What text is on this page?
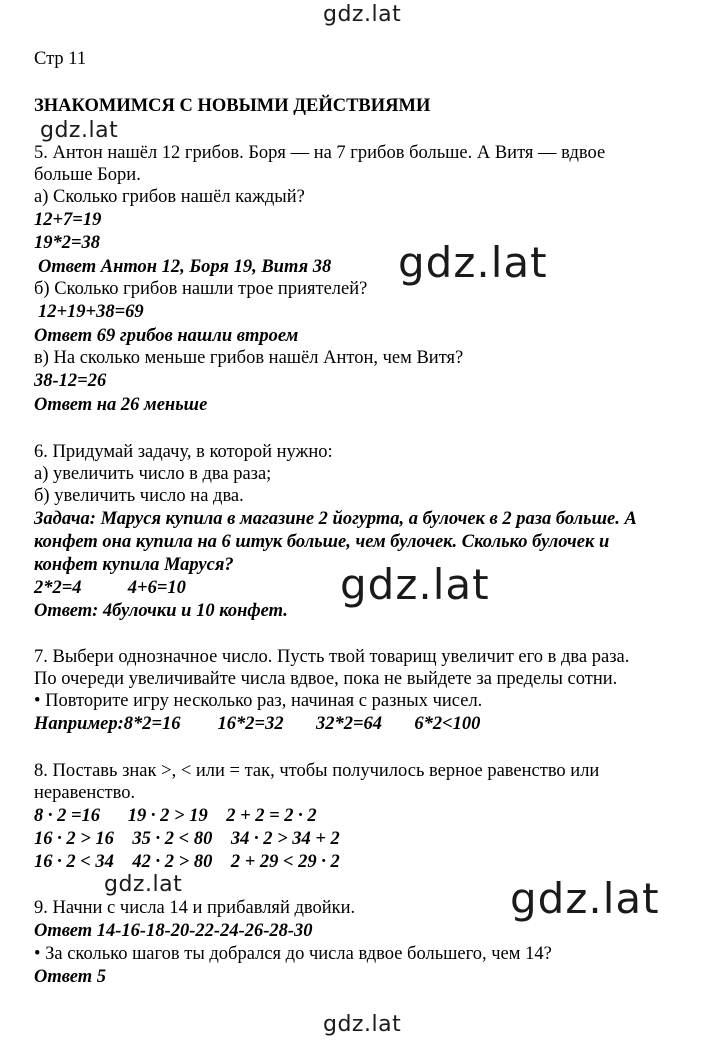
gdz.lat
gdz.lat
gdz.lat
gdz.lat
gdz.lat	gdz.lat
gdz.lat
Стр 11
ЗНАКОМИМСЯ С НОВЫМИ ДЕЙСТВИЯМИ
5. Антон нашёл 12 грибов. Боря — на 7 грибов больше. А Витя — вдвое
больше Бори.
а) Сколько грибов нашёл каждый?
12+7=19
19*2=38
Ответ Антон 12, Боря 19, Витя 38
б) Сколько грибов нашли трое приятелей?
12+19+38=69
Ответ 69 грибов нашли втроем
в) На сколько меньше грибов нашёл Антон, чем Витя?
38-12=26
Ответ на 26 меньше
6. Придумай задачу, в которой нужно:
а) увеличить число в два раза;
б) увеличить число на два.
Задача: Маруся купила в магазине 2 йогурта, а булочек в 2 раза больше. А
конфет она купила на 6 штук больше, чем булочек. Сколько булочек и
конфет купила Маруся?
2*2=4          4+6=10
Ответ: 4булочки и 10 конфет.
7. Выбери однозначное число. Пусть твой товарищ увеличит его в два раза.
По очереди увеличивайте числа вдвое, пока не выйдете за пределы сотни.
• Повторите игру несколько раз, начиная с разных чисел.
Например:8*2=16        16*2=32       32*2=64       6*2<100
8. Поставь знак >, < или = так, чтобы получилось верное равенство или
неравенство.
8 · 2 =16      19 · 2 > 19    2 + 2 = 2 · 2
16 · 2 > 16    35 · 2 < 80    34 · 2 > 34 + 2
16 · 2 < 34    42 · 2 > 80    2 + 29 < 29 · 2
9. Начни с числа 14 и прибавляй двойки.
Ответ 14-16-18-20-22-24-26-28-30
• За сколько шагов ты добрался до числа вдвое большего, чем 14?
Ответ 5
